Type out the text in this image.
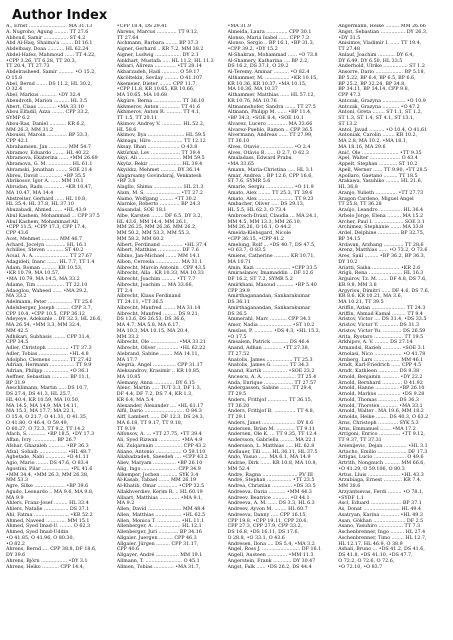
Author Index
A., Ernst ......................... MA 31.13
A. Nugroho, Agung ......... TT 27.6
Abboud, Samir ................ ST 4.2
Abd Al-Haq, Shaima'a ........ DI 16.1
Abdelbasy, Doaa ........... HL 62.24
Abdel-Hafez, Mahmoud ...... TT 4.22,
•CPP 3.26, TT 6.28, TT 20.3,
TT 20.4, TT 27.73
Abdelrasheed, Samir .......... •O 15.2,
O 15.8
Abel, Bernd ....... DS 11.2, HL 30.2,
O 32.4
Abel, Markus ........... •DY 32.4
Abendroth, Marion .......... HL 3.5
Abert, Claas ............ •MA 33.10
Abou Elfadil, Azza ........ CPP 33.2,
SYMP 6.2
Abou-Ras, Daniel ........... KR 6.2,
MM 26.3, MM 31.2
Aboussi, Maroin ............. BP 33.3,
CPP 42.1
Abrahamsen, Jan ............ MM 54.7
Abramov, Eduardo ........ HL 40.22
Abramova, Ekaterina ...... •MM 26.69
Abramova, G. M. ............... HL 61.1
Abramski, Jonathan ........ SOE 21.4
Abreu, David ............... •BP 35.5
Abrikosov, Igor A. ...... MM 10.1
Abrudan, Radu ............. •KR 10.47,
MA 10.47, MA 14.4
Abstreiter, Gerhard ...... HL 10.8,
HL 35.4, HL 37.8, HL 37.10
Abuzabadi, Ahmed ...... •HL 43.9
Abul Kashem, Mohammad ... CPP 37.5
Abul Kashem, Mohammad Ali
•CPP 11.5, •CPP 17.3, CPP 17.4,
CPP 43.6
Acet, Mehmet ........... MM 46.7
Achard, Jocelyn ............. HL 16.1
Achilles, Steven ........... ST 40.2
Acsal, A. A. ...................... TT 27.67
Adagideli, Inanc ....... HL 7.7, TT 1.4
Adam, Roman .......... KR 10.53,
•KR 10.79, MA 10.57,
•MA 10.79, MA 14.5, MA 33.2
Adame, Tim .................. TT 22.10
Adaoglou, Waheed ...... •MA 29.2,
MA 33.2
Adelmann, Peter ................ TT 25.6
Adelsberger, Joseph ......... CPP 3.7,
CPP 10.4, •CPP 10.5, CPP 36.12
Adeyeye, Adekunle .. DY 32.3, HL 26.6,
MA 26.54, •MM 3.3, MM 32.4,
MM 42.5
Adhikari, Subhasis ........ CPP 31.4,
CPP 34.5
Adler, Christoph .............. •TT 37.3
Adler, Tobias ................... •HL 4.8
Adolpho, Clemens ........... TT 27.42
Adrian, Hermann ................ TT 9.9
Adrian, Philipp ................ •O 36.1
Aeffner, Sebastian ........... BP 11.1,
BP 31.9
Aeschlimann, Martin ..... DS 10.7,
DS 27.4, DS 41.3, HL 25.7,
HL 40.4, KR 10.59, MA 10.50,
MA 14.5, MA 14.9, MA 14.11,
MA 15.3, MA 17.7, MA 22.1,
O 15.4, O 21.7, O 41.31, O 41.35,
O 41.80, O 46.4, O 59.49,
O 60.27, O 72.3, TT 9.2, TT 14.2
Afach, S. ........... •BP 18.5, •DY 17.3
Affan, Ivry ............... BP 26.7
Afshar, Ghazaleh ........... •BP 36.3
Afzal, Sohaib .................. •HL 48.7
Agbetade, Nabi ............. •O 41.11
Agio, Mario ........ DS 47.6, O 83.4
Agostini, Pilar .................. •PL 41.6
•MM 34.4, •MM 26.3, MM 26.38,
MM 53.3
Agre, Silke .................... •BP 39.6
Agudo, Leonardo .. MA 9.6, MA 9.8,
MA 9.9
Ahlers, Franz-Josef ......... HL 33.4
Ahlers, Natalie ................ DS 37.1
Ahl, Fatma ....................... •KR 52.2
Ahmed, Naveed ............. MM 15.1
Ahmed, Syed Imad-U. ........ O 62.3
Ahmed, Syed Imad-Uddin
•O 41.85, O 41.96, O 80.30,
•O 82.2
Ahrens, Bernd .... CPP 38.8, DF 18.6,
DY 39.6
Ahrens, Björn ................. •DY 3.1
Ahrens, Heiko ........... CPP 14.4,
•CPP 18.4, DS 29.41
Ahrens, Marcus ............. TT 9.12,
TT 27.64
Aichmann, Barbara ........ BP 37.3
Aigner, Gerhard .. KR 7.2, MM 38.2
Aigner, Ludwig ................. DY 2.1
Ainkhart, Mustafa ..... HL 11.2, HL 11.3
Akbari, Alireza .............. •TT 28.14
Akbarzadeh, Hadi ........... O 59.17
Akcöltekin, Sevilay ......... O 41.107
Akemeier, Dieter ........ CPP 11.7,
•CPP 11.8, KR 10.65, KR 10.66,
MA 10.65, MA 10.68
Akgüre, Berna .................. TT 36.10
Akhmerov, Anton ............. TT 41.6
Akhmerov, Anton R. .......... TT 4.1,
TT 1.5, TT 20.11
Akimov, Andrey V. ............. HL 52.2,
HL 58.6
Akimov, Ilya ........................ HL 59.5
Akinaga, Hiro .................... TT 12.12
Aksay, Ilhan ..................... O 43.8
Aktürkal, Lev ................... TT 39.4
Akyi, Ali ............................ MM 59.5
Akyüz, Bekir ..................... HL 39.4
Akyıldız, Mehmet .......... DY 36.14
Alagarsamy Govindaraj, Venkatesh
•BP 3.8
Alagllo, Shima ................... HL 21.3
Alam, M. S. ...................... •TT 27.2
Alamo, Wolfgang ......... •TT 30.2
Alarnke, Roberto ............. BP 24.3
Alasandal, SOE 18.1
Albe, Karsten ........ DF 6.5, DY 3.2,
HL 43.6, MM 14.4, MM 26.1,
MM 26.25, MM 26.36, MM 26.2,
MM 50.2, MM 53.3, MM 55.3,
MM 58.2, MM 60.2
Albert, Ferdinand .............. •HL 37.4
Albert, Matthias ............... DF 7.6
Albino, Jan-Michael ....... MM 14.1
Albon, Cerveila ................ MA 31.1
Albrecht, Marcin Antonin . CPP 43.5
Albrecht, Alla . KR 10.33, MA 10.33
Albrecht, Joachim ......... •TT 7.7
Albrecht, Joachim ... MA 33.66,
TT 2.4
Albrecht, Klaus Ferdinand
TT 24.11, •TT 36.5
Albrecht, Manfred ........ MA 31.14
Albrecht, Manfred ......... DS 9.21,
DS 13.6, DS 26.53, DS 36.6,
MA 4.7, MA 5.8, MA 6.17,
MA 10.3, MA 10.15, MA 20.4,
MM 33.2
Albrecht, Ole .................. •MA 33.21
Albrecht, Oliver .............. •HL 62.22
Alebrand, Sabine ........ MA 14.11,
MA 17.7
Alegría, Ángel ............... CPP 31.17
Aleksandrov, Krasimir .. KR 10.85,
MA 10.85
Alemany, Anna ............. DY 6.15
Alenc, Martin ..... TUT 3.3, DF 1.3,
DF 4.4, DF 7.2, DS 7.4, KR 1.3,
KR 6.4, MA 5.4
Alexander, Alexander .... •HL 61.17
Alfil, Dario .......................... O 84.3
Alff, Lambert ...... DF 12.3, DS 24.3,
MA 6.18, TT 9.17, TT 9.18,
TT 9.19
Alfonsov, A. ... •TT 27.75, •TT 39.4
Ali, Syed Rizwan .............. •MA 4.9
Ali, Zulqarnain .................. CPP 43.2
Aliano, Antonio ................. O 59.110
Aliabadzadeh, Saeedeh .... •CPP 43.2
Aliev, Maryam ............... •BP 26.10
Alig, Ingo ....................... CPP 34.9
Alkemper, Jochen ........... SYK 3.4
Al-Kasab, Tabael ....... MM 26.19
Al-Khatib, Omar ............. •CPP 32.5
Allakhverdiev, Kerim R. .. HL 60.19
Allaart, Matthias ............. •MA 9.1,
MA 9.2
Allen, David ...................... MM 48.4
Allen, Matthias ................. •HL 62.5
Allen, Monica T. ............... •HL 11.1
Allenberger, A. ................. HL 12.1
Allenberger, Juri ............. BP 34.16
Allgaier, Juergen ......... CPP 46.3
Allgaier, Jürgen ......... CPP 31.17,
CPP 40.6
Allgayer, André ............... MM 19.1
Allmann, T. ........................ O 45.1
Allmen, Tobias ............. •MA 31.7,
•MA 31.9
Almeida, Laura .............. CPP 30.1
Alonso, Maria Isabel ...... CPP 7.3
Alonso, Sergio .. BP 16.1, •BP 31.3,
•CPP 39.2, •DY 15.2
Al-Shakran, Mohammad ...... •O 73.8
Al-Shamery, Katharina .... BP 2.2,
DS 16.2, DS 37.1, O 29.2
Al-Teremy, Ammar .......... •O 82.4
Althammer, M. ................ •KR 10.15,
KR 10.36, KR 10.37, •MA 10.15,
MA 10.36, MA 10.37
Althammer, Matthias ...... HL 57.12,
KR 10.76, MA 10.76
Altmannshofer, Sandra ....... TT 27.5
Altmann, Philipp M. ...... •BP 11.4,
•BP 34.3, •SOE 8.4, •SOE 10.1
Alvarez, Lucero ............. MA 33.66
Alvarez-Pueblo, Ramon .. CPP 36.5
Alvermann, Andreas ...... TT 27.99,
TT 36.10
Alves, Otavio ..................... •O 2.4
Alves, Otávio B. ..... O 2.7, O 62.3
Amaladass, Edward Prabu
•MA 33.65
Amann, Maria-Christina ..... HL 3.1
Amar, Andrea .. BP 12.6, CPP 16.6,
ST 7.6, SYMR 5.6
Amarie, Sergiu .................. •O 11.9
Amato, Alex ........ TT 25.3, TT 39.6
Amato, Alex ....................... TT 9.23
Ambacher, Oliver ..... DS 29.13,
HL 5.5, HL 62.3, O 73.4
Ambrosch-Draxl, Claudia ... MA 24.1,
MM 4.5, MM 13.3, MM 26.10,
MM 26.26, O 16.1, O 44.2
Ameida-Kiebsgard, Nicole
•CPP 36.15, •CPP 41.2
Amelung, Rolf ... •DS 40.7, DS 47.5,
•O 63.7, O 83.5
Amiens, Catherine .......... KR 10.71,
MA 10.71
Amin, Kazi ....................... •CPP 33.5
Amiraslanov, Imamaddin .. DF 12.6
DF 16.2, ST 7.2, SYMR 5.2
Amirkhani, Masoud ........... •BP 5.40
CPP 39.9
Amirthaganandan, Sankarakumar
DS 36.11
Amirthaganandan, Sankarakumar
DS 36.5
Ammerahl, Marc ........... CPP 34.3
Amor, Nadia ..................... •ST 10.2
Amsüss, P. ............ •DS 4.3, •HL 15.3,
•O 17.5
Amsalem, Patrick ........... DS 46.4
Anand, Adhan ............ •TT 27.38,
TT 27.52
Anatolis, James ................. TT 25.3
Anatolis, James G. .......... TT 34.3
Anand, Kartik ................ •SOE 23.2
Ancescu, A. A. ..................... TT 25.4
Anda, Enrique ................... TT 27.57
Andergassen, Sabine ....... TT 29.4,
TT 29.5
Anders, Frithjof ............. TT 36.15,
TT 36.20
Anders, Frithjof B. .............. TT 4.8,
TT 29.1
Anders, Janet ...................... DY 8.6
Andersen, Brian M. ............ TT 9.11
Andersen, Ole K. ... TT 9.35, TT 12.4
Andersson, Gabriella ......... MA 22.1
Andersson, L. Matthias ..... HL 62.8
Andlauer, Till ...... HL 36.11, HL 37.5
Ando, Yasuo ...... MA 6.1, MA 14.9
Andrae, Dirk ....... KR 10.8, MA 10.8,
MM 52.4
Andre, Ragna ....................... PV III
André, Stephan ................ •TT 23.5
Andrea, Christian ............. •DS 33.5
Andreeva, Daria ........... •MM 44.3
Andreev, Beatrice ........... •O 44.1
Andreeva, A. M. ...... DS 3.3, HL 6.3
Andreev, Ayvon M. ........ HL 60.7
Andreeva, Danny ..... CPP 16.15,
CPP 19.8, •CPP 19.11, CPP 20.6,
CPP 27.3, CPP 27.9, CPP 33.2,
DS 16.8, •DS 16.11, DS 17.6,
O 28.8, •O 33.1, O 43.6
Andresen, Ilona .... DS 5.4, •MA 3.2
Angel, Ross J. ......................... DF 16.1
Angell, Austeen ............. •MM 11.3
Angerstein, Frank ............ DY 30.47
Angst, Falk ...... •DS 26.2, DS 44.4
Angermann, Heike ......... MM 26.66
Angst, Sebastian ................ DY 26.3,
•DY 31.5
Anisimov, Vladimir I. ...... TT 19.4,
TT 27.48
Anlauf, Joachim ........... DY 6.4,
DY 6.49, DY 6.50, HL 33.5
Anderhold, Ulrike ................ ST 1.2
Ansorre, Dario .................. BP 5.18,
BP 5.22, BP 6.4, BP 6.5, BP 6.6,
BP 25.2, BP 32.24, BP 34.8,
BP 34.11, BP 34.14, CPP 9.8,
CPP 47.3
Antczak, Grazyna ............... •O 10.9
Antczak, Grazyna ........... •O 47.2
Antoni, Greta ........ ST 1.1, ST 1.2,
ST 1.3, ST 1.4, ST 4.1, ST 13.1,
ST 13.2
Antol, Javad .......... •O 10.4, O 41.61
Antoniak, Carolin ........ KR 10.2,
MA 2.8, MA 10.2, •MA 18.1,
MA 18.16, MA 29.6
Anić, Ole ........................ •TT 9.35
Apel, Walter .................... O 43.4
Appelt, Stephan ............ ST 10.2
Apell, Werner ...... TT 9.90, •TT 28.5
Apollaro, Gaetano ......... TT 18.5
Arakawa, Yasuhiko ......... HL 21.6,
HL 36.8
Aranjo, Yulieth .............. •TT 27.73
Aragon Cardeno, Miguel Angel
TT 25.8, TT 36.28
Araújo, Leandro ............... HL 36.4
Arbelo Jorge, Elena ......... MA 15.2
Archer, Paul I. ................... SOE 3.1
Archimez, Stephanie ....... MA 33.8
Ardel, Delphine .............. BP 32.75,
BP 34.15
Ardavan, Arzhang ............. TT 28.6
Arenz, Matthias ...... •O 73.2, O 73.6
Ares, Saúl ......... •BP 36.2, BP 36.3,
DY 10.2
Ariatti, Saiha .................. •KR 2.6
Arigü, Rena ...................... HL 16.3
Arguirov, Tz. M. ...... DF 4.8, DS 7.6,
KR 9.8, MM 3.8
Argyriou, Dimitri ...... DF 4.6, DS 7.6,
KR 8.6, KR 10.21, MA 3.6,
MA 10.21, TT 39.5
Ariffin, Azlan ...................... TT 24.3
Ariffin, Ahmad Kamal ......... TT 9.4
Aristov, Victor .... DS 31.4, •DS 33.5
Aristov, Victor Y. ............ DS 31.3
Aristov, Victor Yu. ............ DS 26.59
Arita, Ryotaro ................... TT 19.5
Arkhipov, A. V. ......... DS 27.14
Armandsi, Razieh ............ •SOE 3.1
Arnolasi, Nico .................. •O 41.78
Arnberg, Lars ................. MM 46.1
Arndt, Karl-Friedrich ...... CPP 4.5
Arndt, Kathleen ............. DS 9.38
Arnold, Benjamin ........... •DY 22.2
Arnold, Bernhard ............. O 41.92
Arnold, Hanne ............... •BP 26.10
Arnold, Markus ............... •DS 9.28
Arnold, Thomas ............. DS 36.3
Arnold, Thorsten ........... •MA 33.1
Arnold, Walter . MA 19.6, MM 18.2
Arnolds, Heike ........ DS 40.3, O 63.2
Arns, Christoph ............. SYK 5.3
Arns, Emmanuel ....... •MA 17.2
Arrigoni, Enrico .............. •TT 9.12,
TT 9.37, TT 37.31
Arsenijevic, Dejan ............... •HL 3.1
Artacho, Emilio ................... DF 17.3
Artigas, Lucio ..................... O 49.6
Artrith, Nongnuch .......... MM 66.6,
•O 41.29, O 59.106, O 80.3
Artus, Lluis ..................... •HL 43.3
Arzubiaga, Ernest ............ KR 7.4,
MM 38.6
Arzyantsevas, Ferdi ......... •O 78.1,
•SYDF 1.1
Ascl, Eduard .................... BP 37.1
As, Donat ........................ HL 49.4
Asatryan, Karina ............ •HL 49.3
Asan, Gökhan ..................... DF 2.5
Asano, Yasuhiro ................ TT 7.3
Aschenbrenner, Ingo ......... HL 27.4
Aschenbrenner, Timo ........ HL 12.7,
HL 12.17, HL 46.9, O 38.9
Ashali, Bruno ... •DS 41.2, DS 41.6,
DS 41.8, •DS 41.10, •DS 47.7,
O 72.2, O 72.6, O 72.6,
•O 72.10, •O 83.7
